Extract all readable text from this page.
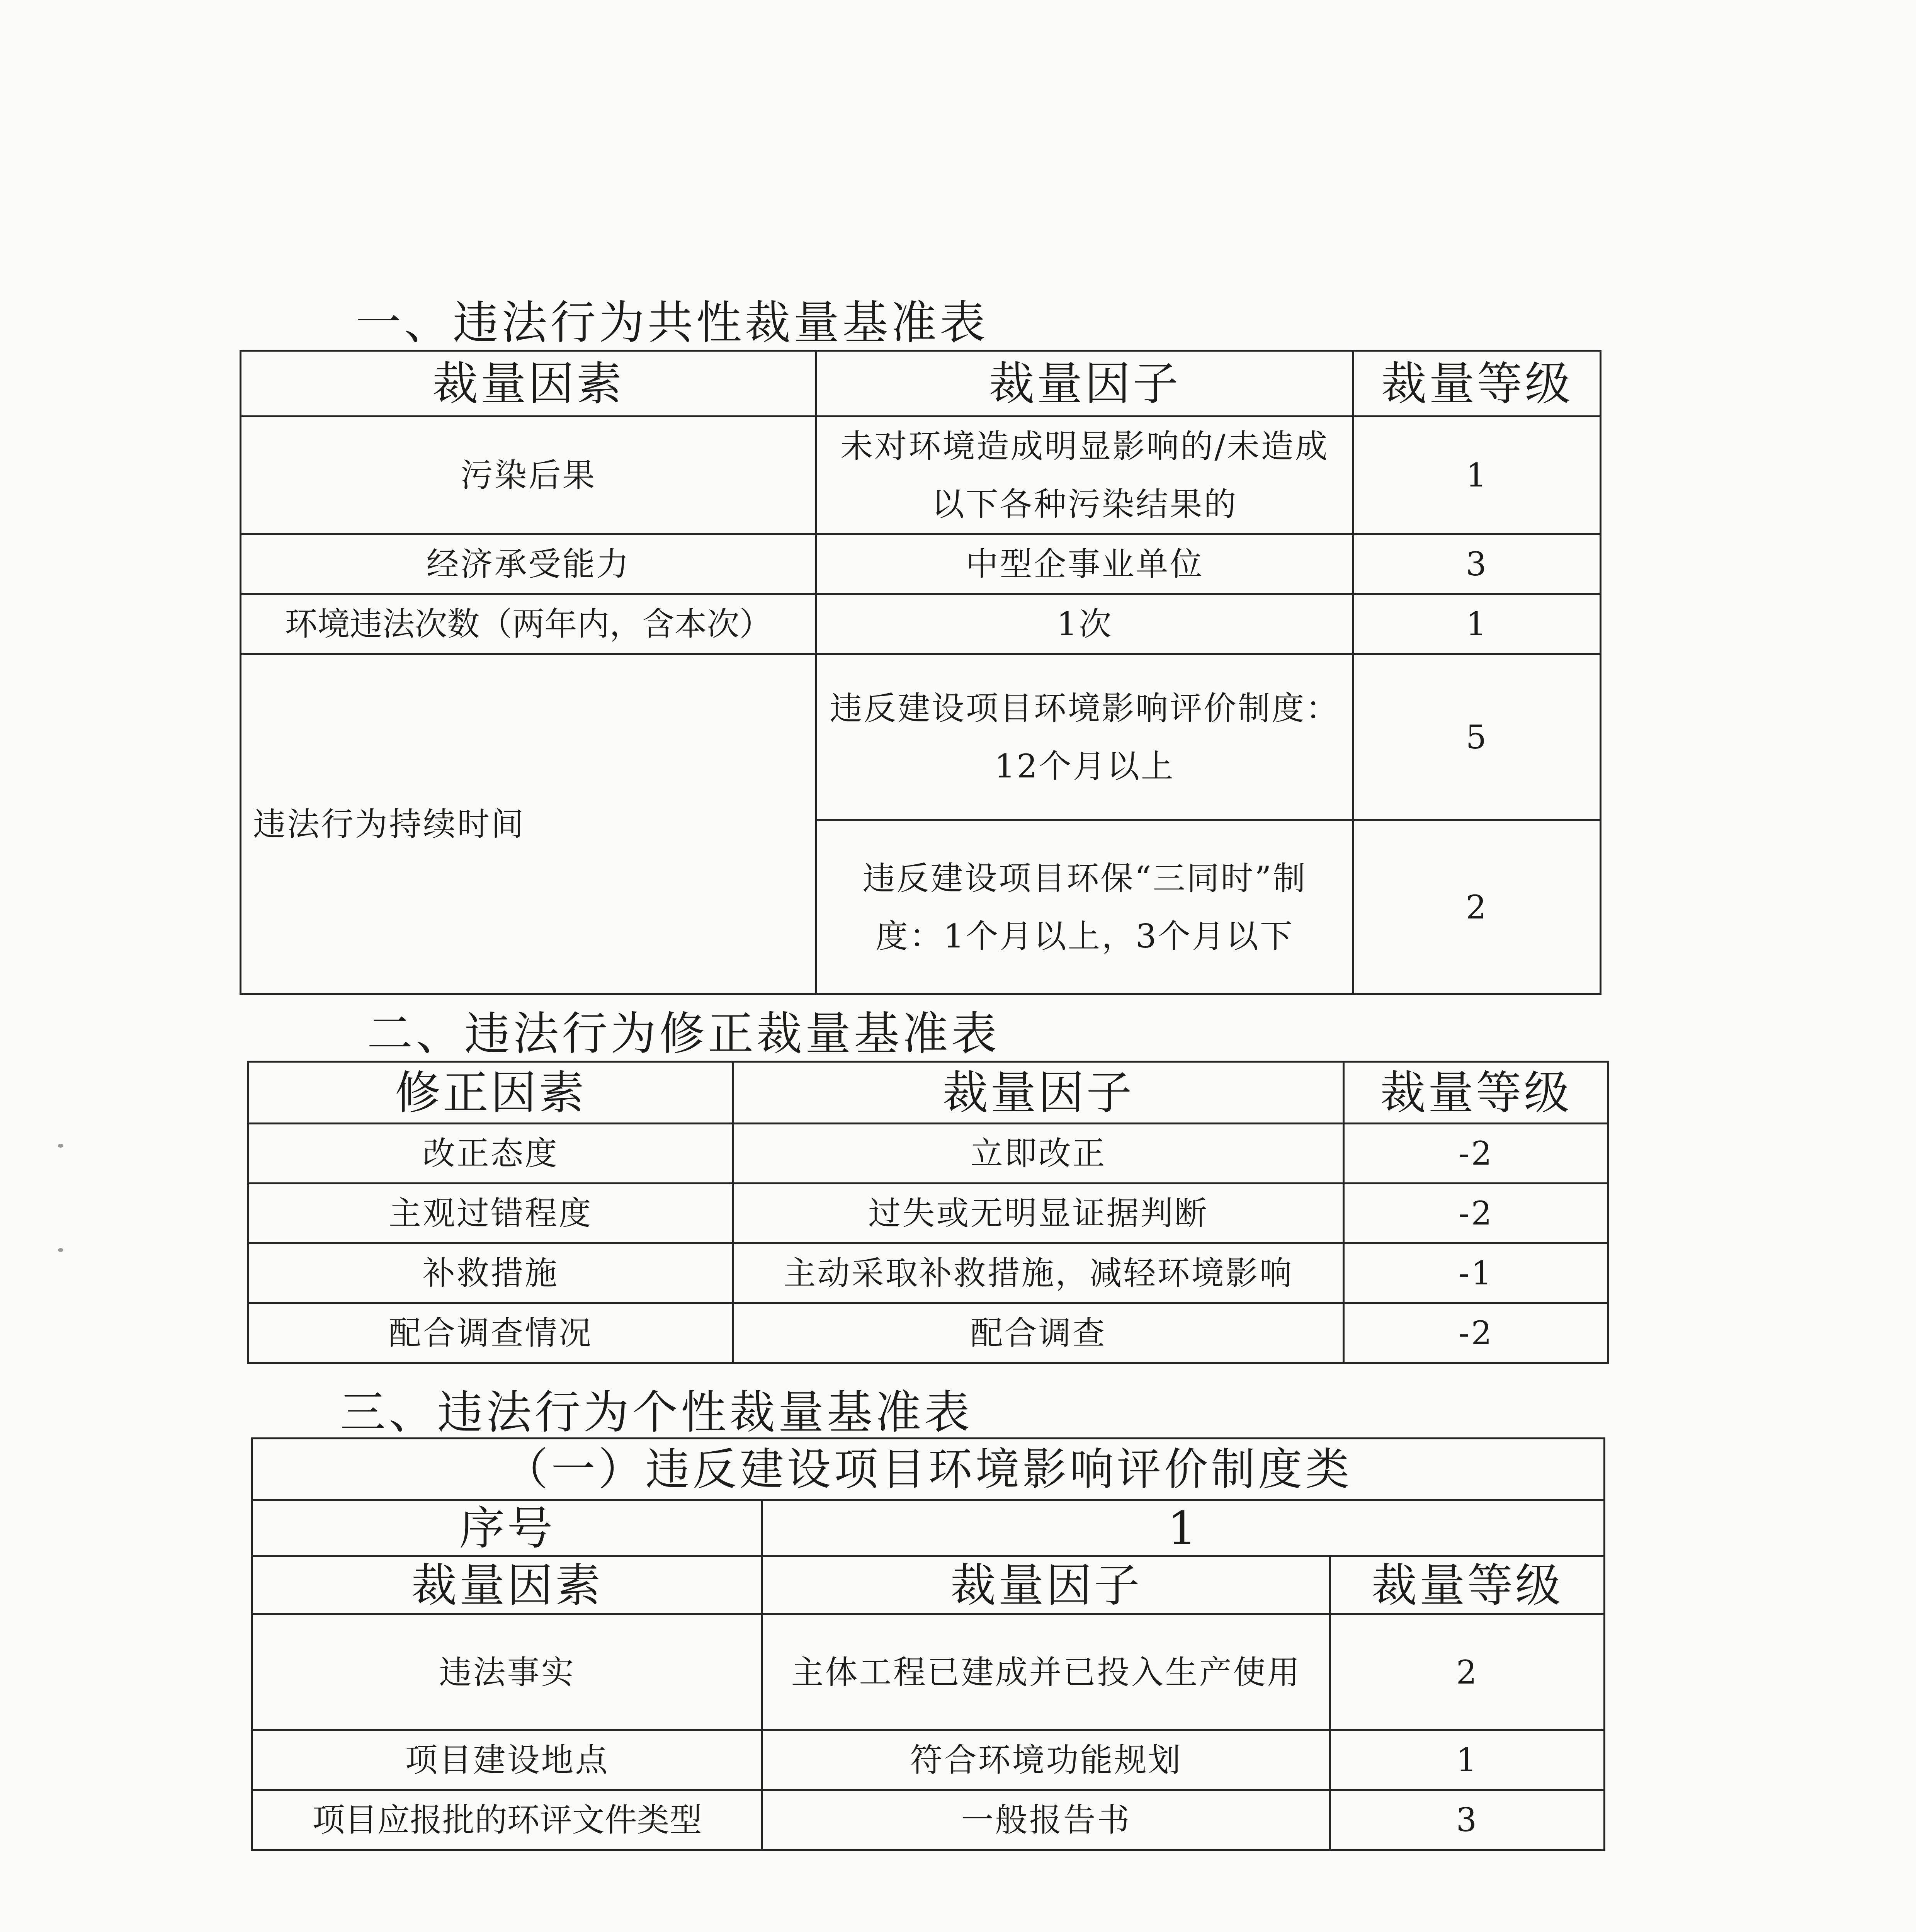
一、违法行为共性裁量基准表
裁量因素	裁量因子	裁量等级
污染后果	未对环境造成明显影响的/未造成以下各种污染结果的	1
经济承受能力	中型企事业单位	3
环境违法次数（两年内，含本次）	1次	1
违法行为持续时间	违反建设项目环境影响评价制度：12个月以上	5
	违反建设项目环保“三同时”制度：1个月以上，3个月以下	2
二、违法行为修正裁量基准表
修正因素	裁量因子	裁量等级
改正态度	立即改正	-2
主观过错程度	过失或无明显证据判断	-2
补救措施	主动采取补救措施，减轻环境影响	-1
配合调查情况	配合调查	-2
三、违法行为个性裁量基准表
（一）违反建设项目环境影响评价制度类		
序号	1	
裁量因素	裁量因子	裁量等级
违法事实	主体工程已建成并已投入生产使用	2
项目建设地点	符合环境功能规划	1
项目应报批的环评文件类型	一般报告书	3
